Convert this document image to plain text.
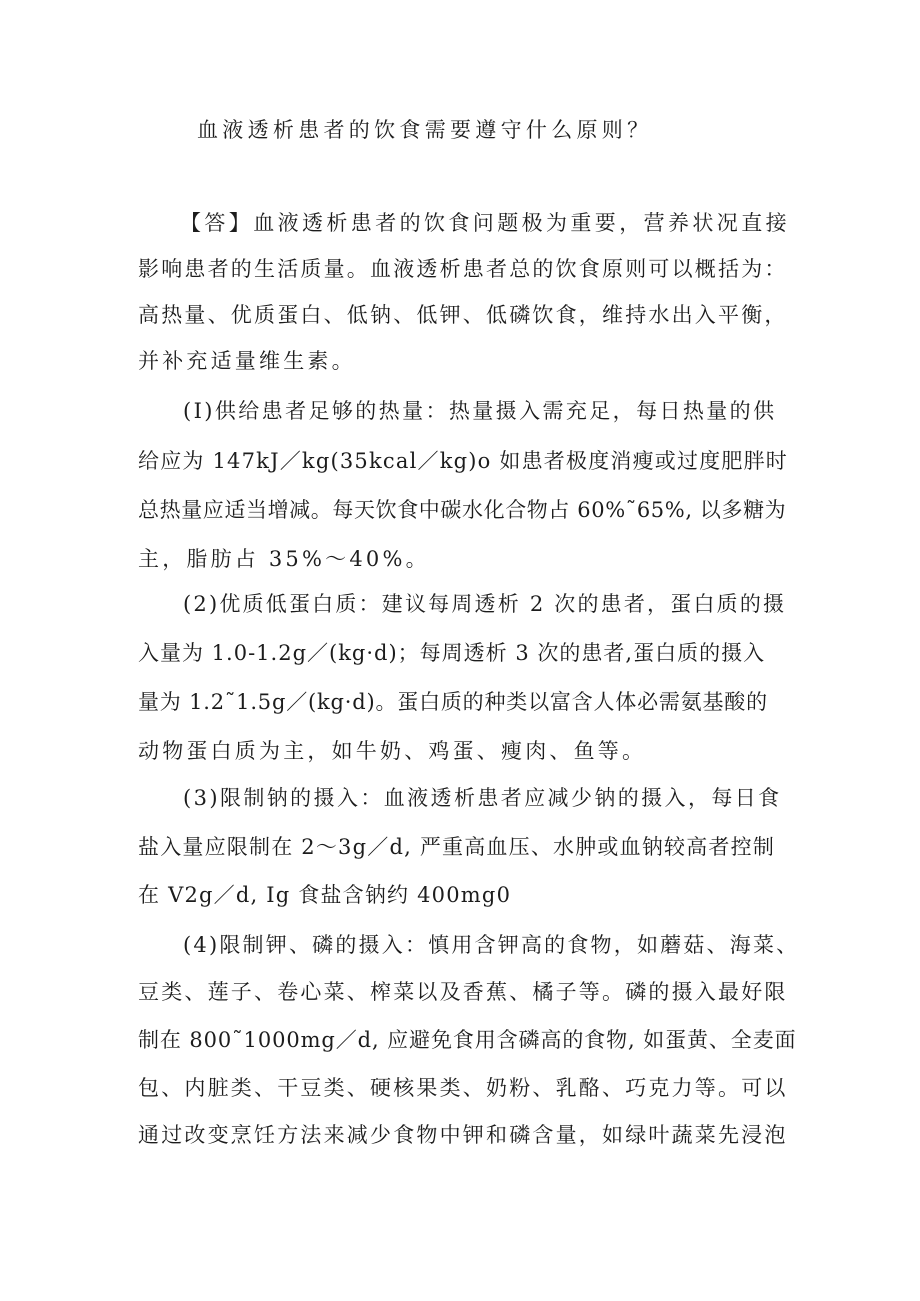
血液透析患者的饮食需要遵守什么原则？
【答】血液透析患者的饮食问题极为重要，营养状况直接
影响患者的生活质量。血液透析患者总的饮食原则可以概括为：
高热量、优质蛋白、低钠、低钾、低磷饮食，维持水出入平衡，
并补充适量维生素。
(I)供给患者足够的热量：热量摄入需充足，每日热量的供
给应为 147kJ／kg(35kcal／kg)o 如患者极度消瘦或过度肥胖时
总热量应适当增减。每天饮食中碳水化合物占 60%˜65%, 以多糖为
主，脂肪占 35%～40%。
(2)优质低蛋白质：建议每周透析 2 次的患者，蛋白质的摄
入量为 1.0-1.2g／(kg·d)；每周透析 3 次的患者,蛋白质的摄入
量为 1.2˜1.5g／(kg·d)。蛋白质的种类以富含人体必需氨基酸的
动物蛋白质为主，如牛奶、鸡蛋、瘦肉、鱼等。
(3)限制钠的摄入：血液透析患者应减少钠的摄入，每日食
盐入量应限制在 2～3g／d, 严重高血压、水肿或血钠较高者控制
在 V2g／d, Ig 食盐含钠约 400mg0
(4)限制钾、磷的摄入：慎用含钾高的食物，如蘑菇、海菜、
豆类、莲子、卷心菜、榨菜以及香蕉、橘子等。磷的摄入最好限
制在 800˜1000mg／d, 应避免食用含磷高的食物, 如蛋黄、全麦面
包、内脏类、干豆类、硬核果类、奶粉、乳酪、巧克力等。可以
通过改变烹饪方法来减少食物中钾和磷含量，如绿叶蔬菜先浸泡
